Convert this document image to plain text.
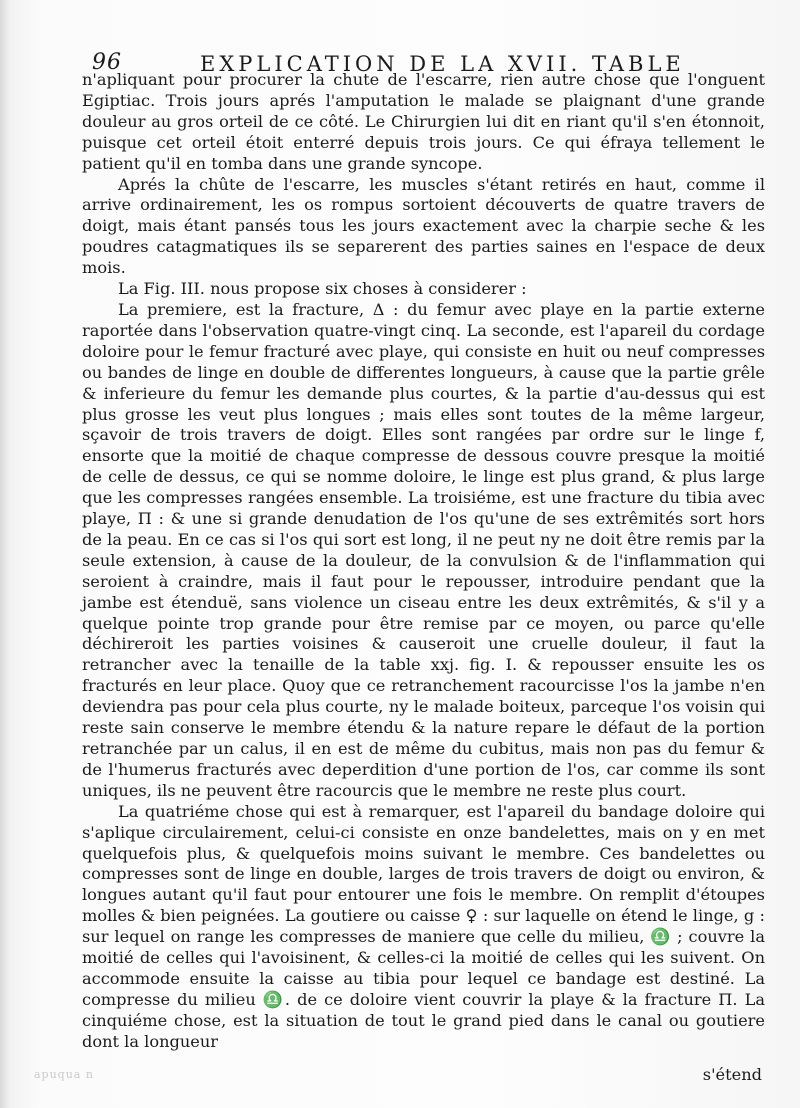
96	EXPLICATION DE LA XVII. TABLE

n'apliquant pour procurer la chute de l'escarre, rien autre chose que l'onguent Egiptiac. Trois jours aprés l'amputation le malade se plaignant d'une grande douleur au gros orteil de ce côté. Le Chirurgien lui dit en riant qu'il s'en étonnoit, puisque cet orteil étoit enterré depuis trois jours. Ce qui éfraya tellement le patient qu'il en tomba dans une grande syncope.

Aprés la chûte de l'escarre, les muscles s'étant retirés en haut, comme il arrive ordinairement, les os rompus sortoient découverts de quatre travers de doigt, mais étant pansés tous les jours exactement avec la charpie seche & les poudres catagmatiques ils se separerent des parties saines en l'espace de deux mois.

La Fig. III. nous propose six choses à considerer :

La premiere, est la fracture, Δ : du femur avec playe en la partie externe raportée dans l'observation quatre-vingt cinq. La seconde, est l'apareil du cordage doloire pour le femur fracturé avec playe, qui consiste en huit ou neuf compresses ou bandes de linge en double de differentes longueurs, à cause que la partie grêle & inferieure du femur les demande plus courtes, & la partie d'au-dessus qui est plus grosse les veut plus longues ; mais elles sont toutes de la même largeur, sçavoir de trois travers de doigt. Elles sont rangées par ordre sur le linge f, ensorte que la moitié de chaque compresse de dessous couvre presque la moitié de celle de dessus, ce qui se nomme doloire, le linge est plus grand, & plus large que les compresses rangées ensemble. La troisiéme, est une fracture du tibia avec playe, Π : & une si grande denudation de l'os qu'une de ses extrêmités sort hors de la peau. En ce cas si l'os qui sort est long, il ne peut ny ne doit être remis par la seule extension, à cause de la douleur, de la convulsion & de l'inflammation qui seroient à craindre, mais il faut pour le repousser, introduire pendant que la jambe est étenduë, sans violence un ciseau entre les deux extrêmités, & s'il y a quelque pointe trop grande pour être remise par ce moyen, ou parce qu'elle déchireroit les parties voisines & causeroit une cruelle douleur, il faut la retrancher avec la tenaille de la table xxj. fig. I. & repousser ensuite les os fracturés en leur place. Quoy que ce retranchement racourcisse l'os la jambe n'en deviendra pas pour cela plus courte, ny le malade boiteux, parceque l'os voisin qui reste sain conserve le membre étendu & la nature repare le défaut de la portion retranchée par un calus, il en est de même du cubitus, mais non pas du femur & de l'humerus fracturés avec deperdition d'une portion de l'os, car comme ils sont uniques, ils ne peuvent être racourcis que le membre ne reste plus court.

La quatriéme chose qui est à remarquer, est l'apareil du bandage doloire qui s'aplique circulairement, celui-ci consiste en onze bandelettes, mais on y en met quelquefois plus, & quelquefois moins suivant le membre. Ces bandelettes ou compresses sont de linge en double, larges de trois travers de doigt ou environ, & longues autant qu'il faut pour entourer une fois le membre. On remplit d'étoupes molles & bien peignées. La goutiere ou caisse ♀ : sur laquelle on étend le linge, g : sur lequel on range les compresses de maniere que celle du milieu, ♎ ; couvre la moitié de celles qui l'avoisinent, & celles-ci la moitié de celles qui les suivent. On accommode ensuite la caisse au tibia pour lequel ce bandage est destiné. La compresse du milieu ♎. de ce doloire vient couvrir la playe & la fracture Π. La cinquiéme chose, est la situation de tout le grand pied dans le canal ou goutiere dont la longueur

s'étend
apuqua n
